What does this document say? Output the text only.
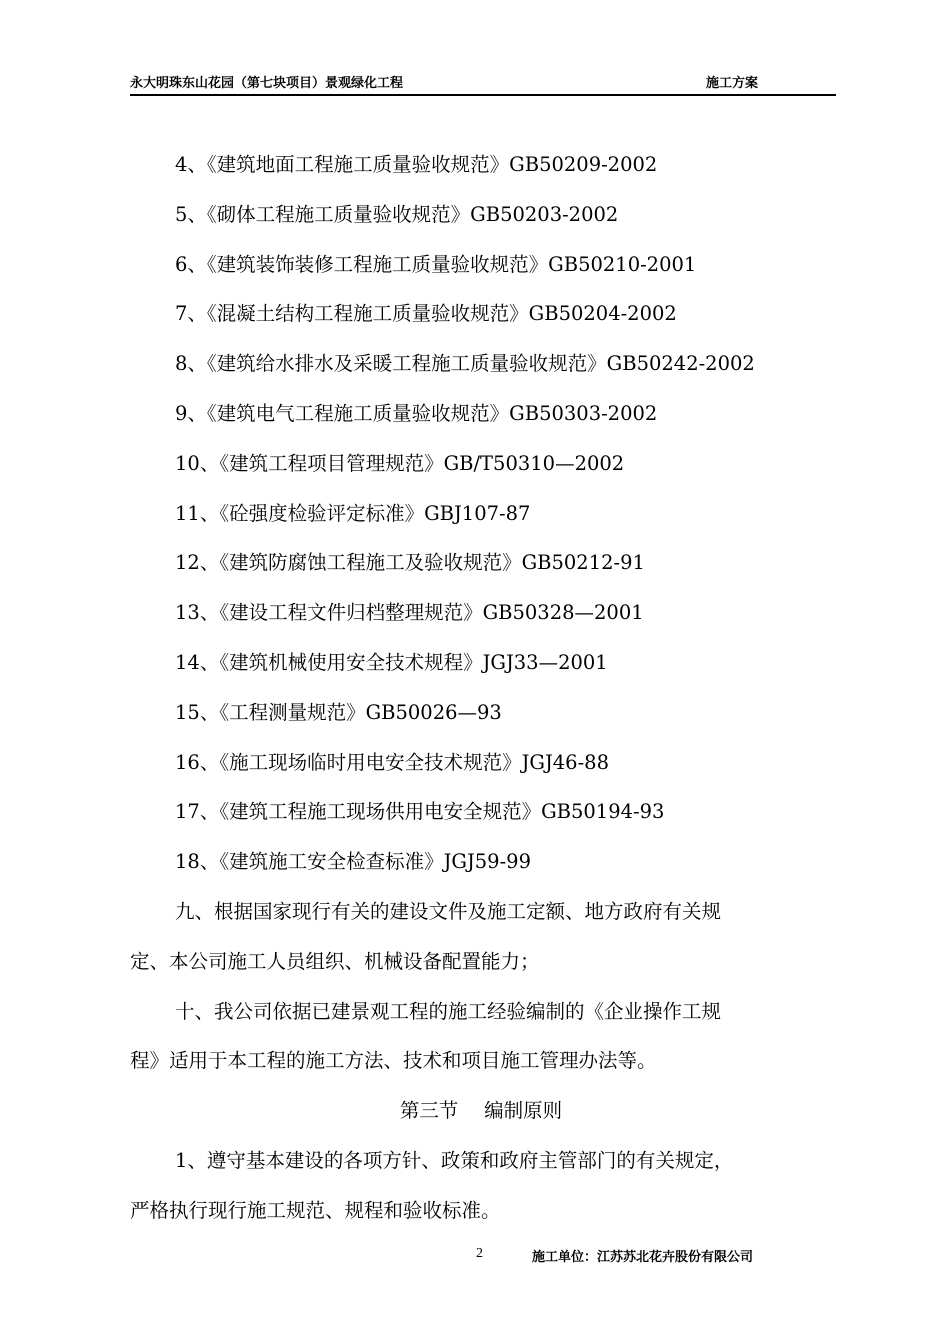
永大明珠东山花园（第七块项目）景观绿化工程	施工方案
4、《建筑地面工程施工质量验收规范》GB50209-2002
5、《砌体工程施工质量验收规范》GB50203-2002
6、《建筑装饰装修工程施工质量验收规范》GB50210-2001
7、《混凝土结构工程施工质量验收规范》GB50204-2002
8、《建筑给水排水及采暖工程施工质量验收规范》GB50242-2002
9、《建筑电气工程施工质量验收规范》GB50303-2002
10、《建筑工程项目管理规范》GB/T50310—2002
11、《砼强度检验评定标准》GBJ107-87
12、《建筑防腐蚀工程施工及验收规范》GB50212-91
13、《建设工程文件归档整理规范》GB50328—2001
14、《建筑机械使用安全技术规程》JGJ33—2001
15、《工程测量规范》GB50026—93
16、《施工现场临时用电安全技术规范》JGJ46-88
17、《建筑工程施工现场供用电安全规范》GB50194-93
18、《建筑施工安全检查标准》JGJ59-99
九、根据国家现行有关的建设文件及施工定额、地方政府有关规
定、本公司施工人员组织、机械设备配置能力；
十、我公司依据已建景观工程的施工经验编制的《企业操作工规
程》适用于本工程的施工方法、技术和项目施工管理办法等。
第三节　 编制原则
1、遵守基本建设的各项方针、政策和政府主管部门的有关规定，
严格执行现行施工规范、规程和验收标准。
2	施工单位：江苏苏北花卉股份有限公司
